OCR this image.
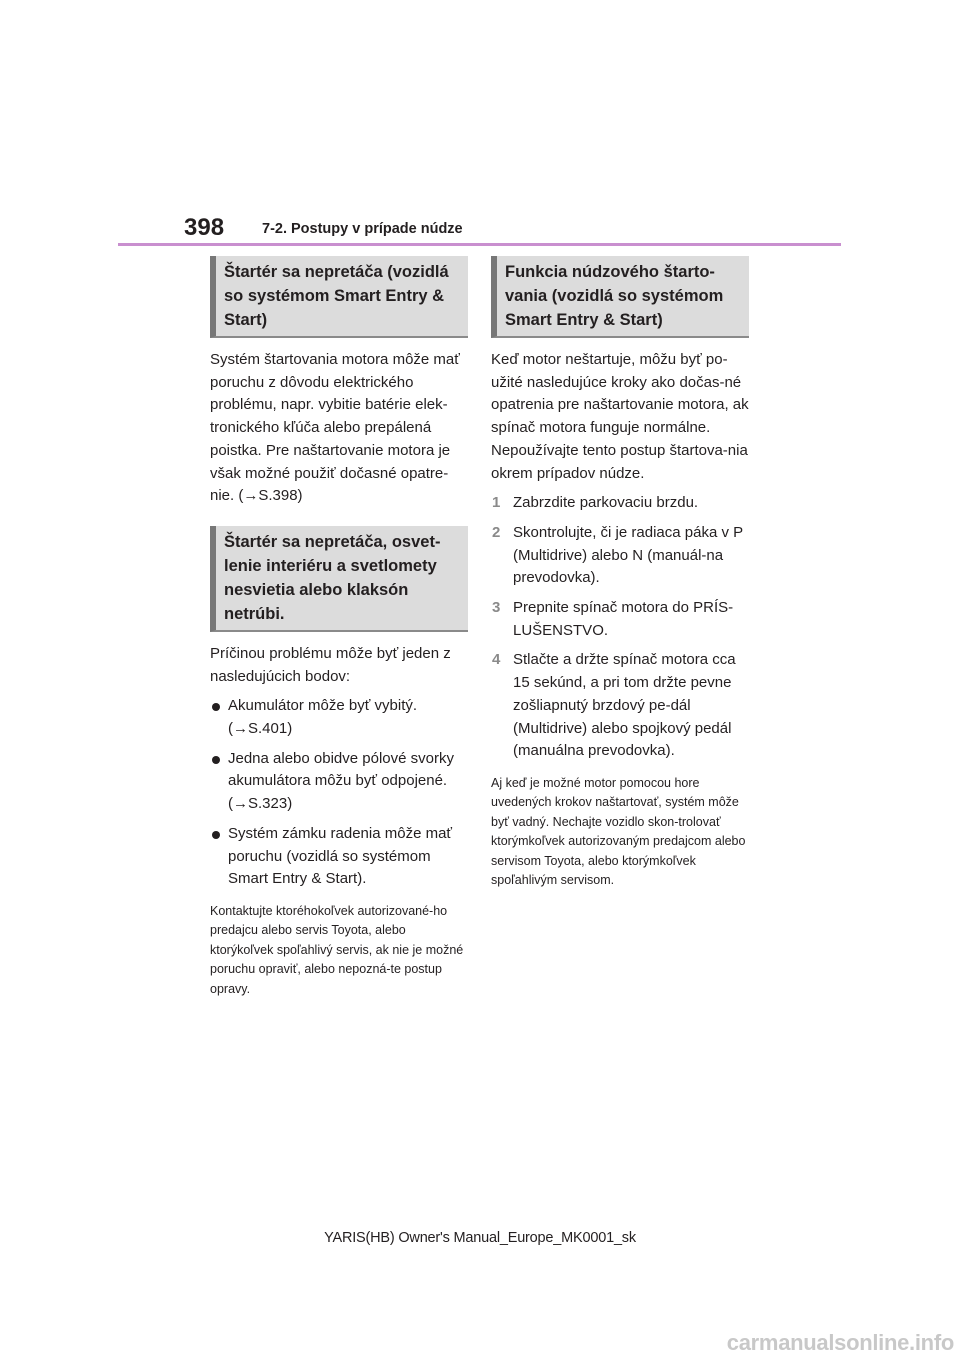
398	7-2. Postupy v prípade núdze
Štartér sa nepretáča (vozidlá so systémom Smart Entry & Start)

Systém štartovania motora môže mať poruchu z dôvodu elektrického problému, napr. vybitie batérie elek-tronického kľúča alebo prepálená poistka. Pre naštartovanie motora je však možné použiť dočasné opatre-nie. (→S.398)

Štartér sa nepretáča, osvet-lenie interiéru a svetlomety nesvietia alebo klaksón netrúbi.

Príčinou problému môže byť jeden z nasledujúcich bodov:

Akumulátor môže byť vybitý. (→S.401)
Jedna alebo obidve pólové svorky akumulátora môžu byť odpojené. (→S.323)
Systém zámku radenia môže mať poruchu (vozidlá so systémom Smart Entry & Start).

Kontaktujte ktoréhokoľvek autorizované-ho predajcu alebo servis Toyota, alebo ktorýkoľvek spoľahlivý servis, ak nie je možné poruchu opraviť, alebo nepozná-te postup opravy.

Funkcia núdzového štarto-vania (vozidlá so systémom Smart Entry & Start)

Keď motor neštartuje, môžu byť po-užité nasledujúce kroky ako dočas-né opatrenia pre naštartovanie motora, ak spínač motora funguje normálne.

Nepoužívajte tento postup štartova-nia okrem prípadov núdze.

1 Zabrzdite parkovaciu brzdu.
2 Skontrolujte, či je radiaca páka v P (Multidrive) alebo N (manuál-na prevodovka).
3 Prepnite spínač motora do PRÍS-LUŠENSTVO.
4 Stlačte a držte spínač motora cca 15 sekúnd, a pri tom držte pevne zošliapnutý brzdový pe-dál (Multidrive) alebo spojkový pedál (manuálna prevodovka).

Aj keď je možné motor pomocou hore uvedených krokov naštartovať, systém môže byť vadný. Nechajte vozidlo skon-trolovať ktorýmkoľvek autorizovaným predajcom alebo servisom Toyota, alebo ktorýmkoľvek spoľahlivým servisom.

YARIS(HB) Owner's Manual_Europe_MK0001_sk
carmanualsonline.info
